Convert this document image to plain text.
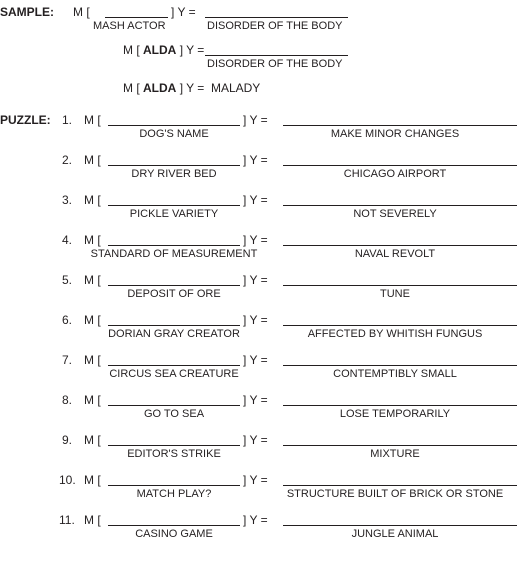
SAMPLE: M [	] Y =
MASH ACTOR	DISORDER OF THE BODY
M [ ALDA ] Y =
DISORDER OF THE BODY
M [ ALDA ] Y = MALADY
PUZZLE: 1. M [	] Y =
DOG'S NAME	MAKE MINOR CHANGES
2. M [	] Y =
DRY RIVER BED	CHICAGO AIRPORT
3. M [	] Y =
PICKLE VARIETY	NOT SEVERELY
4. M [	] Y =
STANDARD OF MEASUREMENT	NAVAL REVOLT
5. M [	] Y =
DEPOSIT OF ORE	TUNE
6. M [	] Y =
DORIAN GRAY CREATOR	AFFECTED BY WHITISH FUNGUS
7. M [	] Y =
CIRCUS SEA CREATURE	CONTEMPTIBLY SMALL
8. M [	] Y =
GO TO SEA	LOSE TEMPORARILY
9. M [	] Y =
EDITOR'S STRIKE	MIXTURE
10. M [	] Y =
MATCH PLAY?	STRUCTURE BUILT OF BRICK OR STONE
11. M [	] Y =
CASINO GAME	JUNGLE ANIMAL
